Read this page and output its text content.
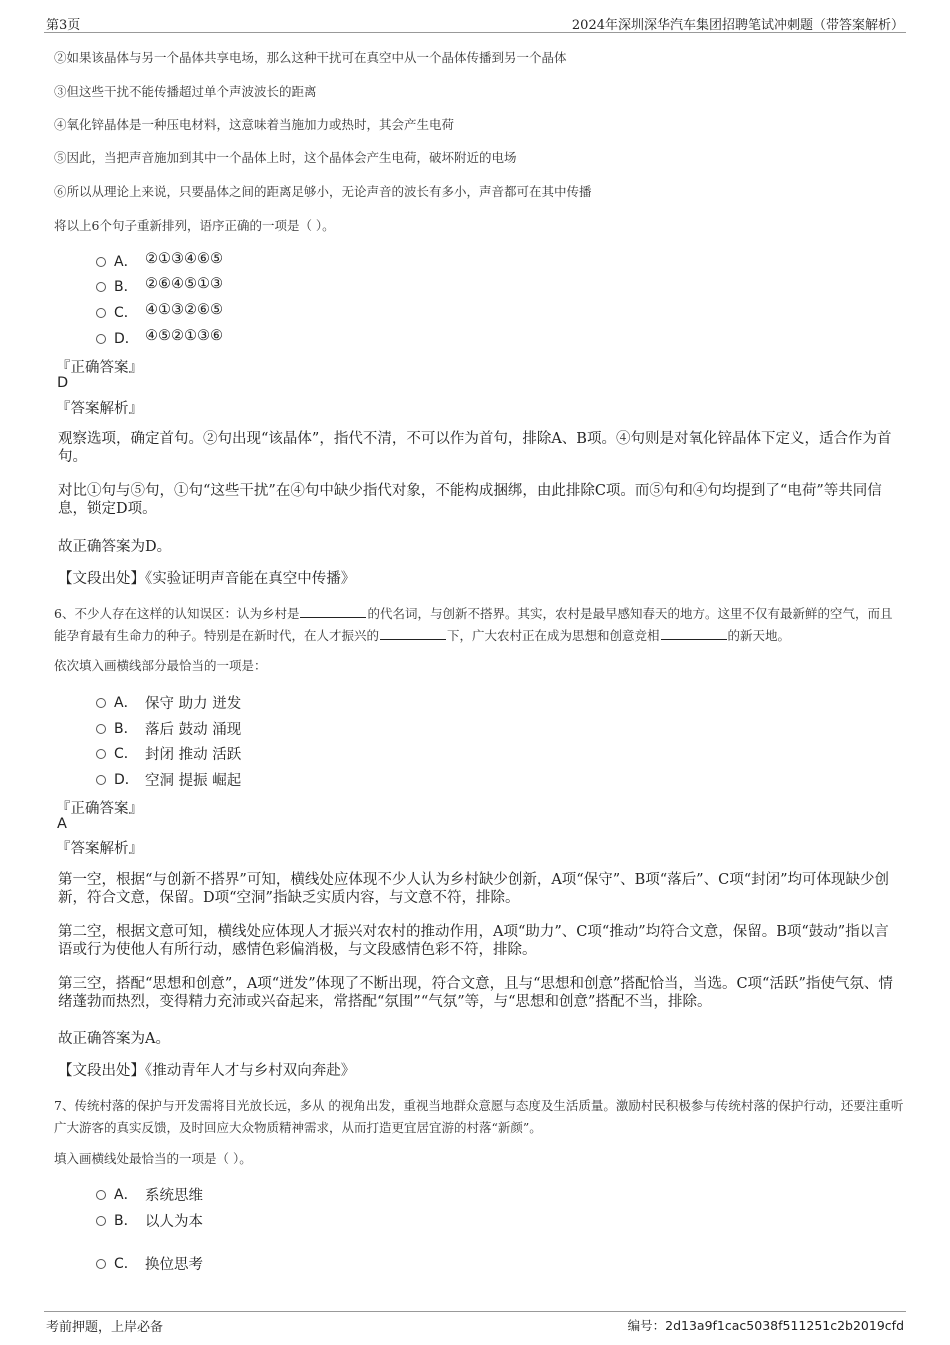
第3页	2024年深圳深华汽车集团招聘笔试冲刺题（带答案解析）
②如果该晶体与另一个晶体共享电场，那么这种干扰可在真空中从一个晶体传播到另一个晶体
③但这些干扰不能传播超过单个声波波长的距离
④氧化锌晶体是一种压电材料，这意味着当施加力或热时，其会产生电荷
⑤因此，当把声音施加到其中一个晶体上时，这个晶体会产生电荷，破坏附近的电场
⑥所以从理论上来说，只要晶体之间的距离足够小，无论声音的波长有多小，声音都可在其中传播
将以上6个句子重新排列，语序正确的一项是（ ）。
A． ②①③④⑥⑤
B． ②⑥④⑤①③
C． ④①③②⑥⑤
D． ④⑤②①③⑥
『正确答案』
D
『答案解析』
观察选项，确定首句。②句出现“该晶体”，指代不清，不可以作为首句，排除A、B项。④句则是对氧化锌晶体下定义，适合作为首句。
对比①句与⑤句，①句“这些干扰”在④句中缺少指代对象，不能构成捆绑，由此排除C项。而⑤句和④句均提到了“电荷”等共同信息，锁定D项。
故正确答案为D。
【文段出处】《实验证明声音能在真空中传播》
6、不少人存在这样的认知误区：认为乡村是	的代名词，与创新不搭界。其实，农村是最早感知春天的地方。这里不仅有最新鲜的空气，而且能孕育最有生命力的种子。特别是在新时代，在人才振兴的	下，广大农村正在成为思想和创意竞相	的新天地。
依次填入画横线部分最恰当的一项是：
A． 保守 助力 迸发
B． 落后 鼓动 涌现
C． 封闭 推动 活跃
D． 空洞 提振 崛起
『正确答案』
A
『答案解析』
第一空，根据“与创新不搭界”可知，横线处应体现不少人认为乡村缺少创新，A项“保守”、B项“落后”、C项“封闭”均可体现缺少创新，符合文意，保留。D项“空洞”指缺乏实质内容，与文意不符，排除。
第二空，根据文意可知，横线处应体现人才振兴对农村的推动作用，A项“助力”、C项“推动”均符合文意，保留。B项“鼓动”指以言语或行为使他人有所行动，感情色彩偏消极，与文段感情色彩不符，排除。
第三空，搭配“思想和创意”，A项“迸发”体现了不断出现，符合文意，且与“思想和创意”搭配恰当，当选。C项“活跃”指使气氛、情绪蓬勃而热烈，变得精力充沛或兴奋起来，常搭配“氛围”“气氛”等，与“思想和创意”搭配不当，排除。
故正确答案为A。
【文段出处】《推动青年人才与乡村双向奔赴》
7、传统村落的保护与开发需将目光放长远，多从 的视角出发，重视当地群众意愿与态度及生活质量。激励村民积极参与传统村落的保护行动，还要注重听广大游客的真实反馈，及时回应大众物质精神需求，从而打造更宜居宜游的村落“新颜”。
填入画横线处最恰当的一项是（ ）。
A． 系统思维
B． 以人为本
C． 换位思考
考前押题，上岸必备	编号：2d13a9f1cac5038f511251c2b2019cfd
